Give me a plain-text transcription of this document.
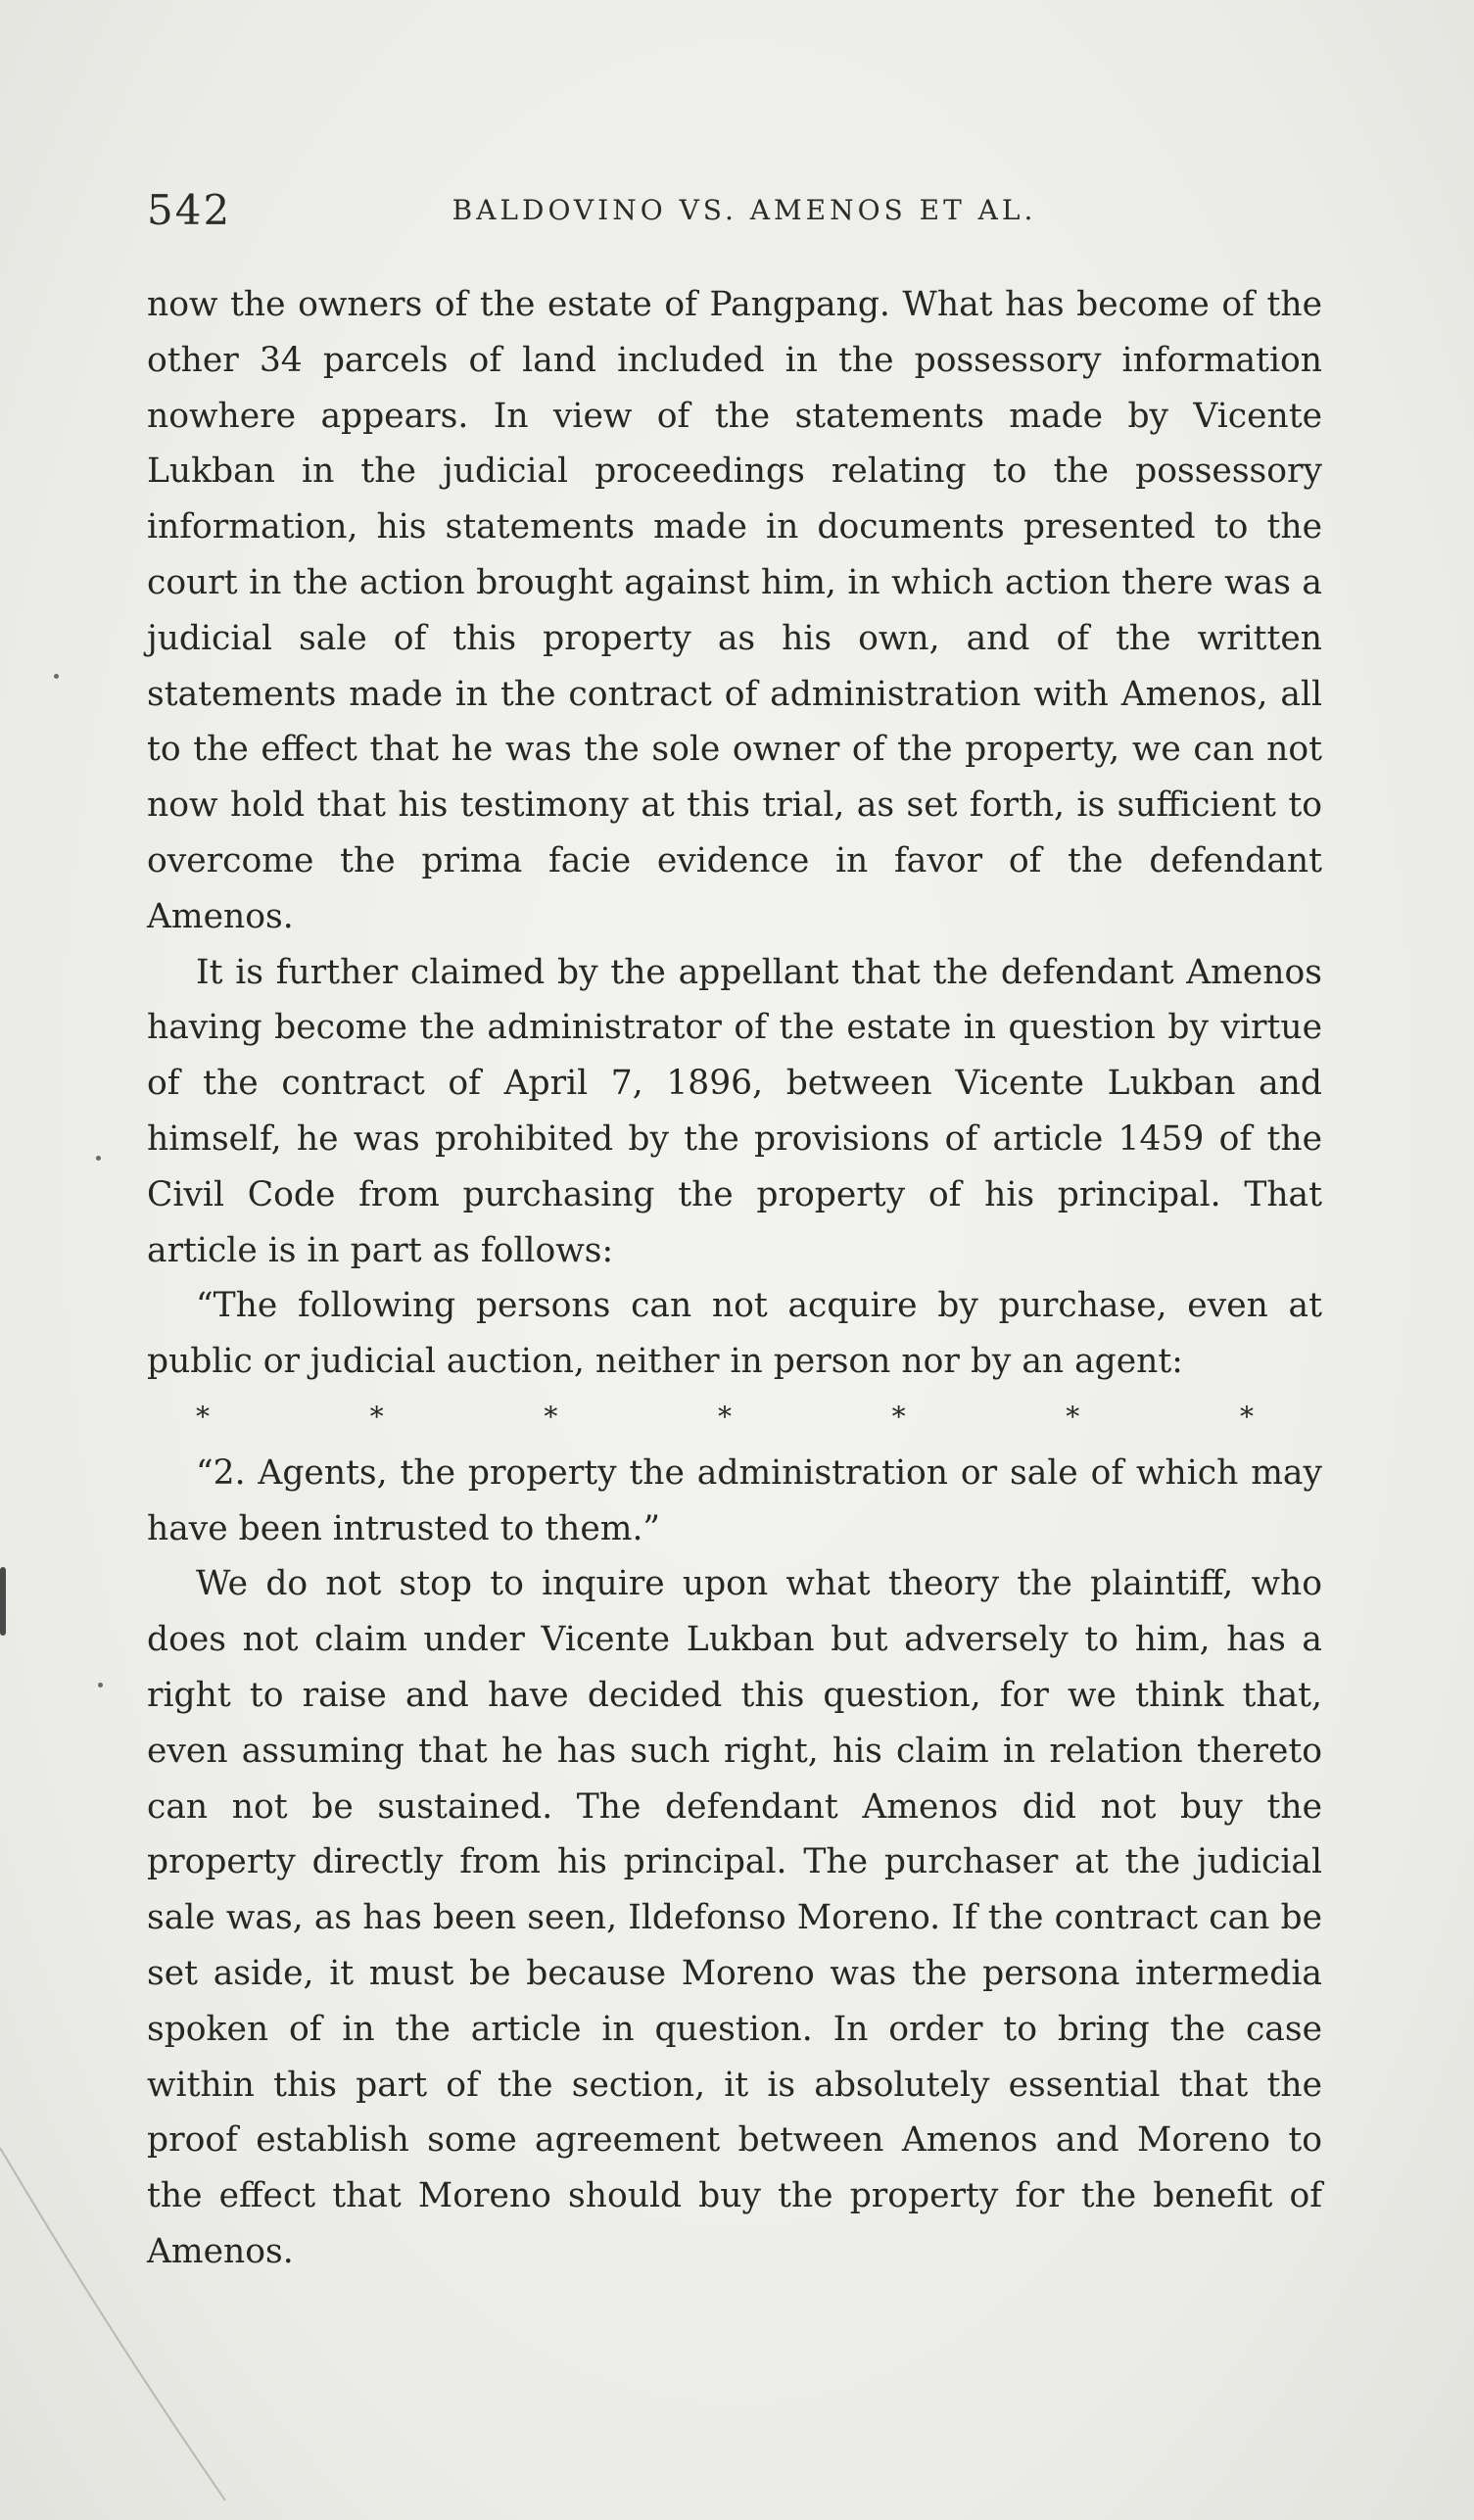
542	BALDOVINO VS. AMENOS ET AL.

now the owners of the estate of Pangpang. What has become of the other 34 parcels of land included in the possessory information nowhere appears. In view of the statements made by Vicente Lukban in the judicial proceedings relating to the possessory information, his statements made in documents presented to the court in the action brought against him, in which action there was a judicial sale of this property as his own, and of the written statements made in the contract of administration with Amenos, all to the effect that he was the sole owner of the property, we can not now hold that his testimony at this trial, as set forth, is sufficient to overcome the prima facie evidence in favor of the defendant Amenos.

It is further claimed by the appellant that the defendant Amenos having become the administrator of the estate in question by virtue of the contract of April 7, 1896, between Vicente Lukban and himself, he was prohibited by the provisions of article 1459 of the Civil Code from purchasing the property of his principal. That article is in part as follows:

“The following persons can not acquire by purchase, even at public or judicial auction, neither in person nor by an agent:

*	*	*	*	*	*	*

“2. Agents, the property the administration or sale of which may have been intrusted to them.”

We do not stop to inquire upon what theory the plaintiff, who does not claim under Vicente Lukban but adversely to him, has a right to raise and have decided this question, for we think that, even assuming that he has such right, his claim in relation thereto can not be sustained. The defendant Amenos did not buy the property directly from his principal. The purchaser at the judicial sale was, as has been seen, Ildefonso Moreno. If the contract can be set aside, it must be because Moreno was the persona intermedia spoken of in the article in question. In order to bring the case within this part of the section, it is absolutely essential that the proof establish some agreement between Amenos and Moreno to the effect that Moreno should buy the property for the benefit of Amenos.
